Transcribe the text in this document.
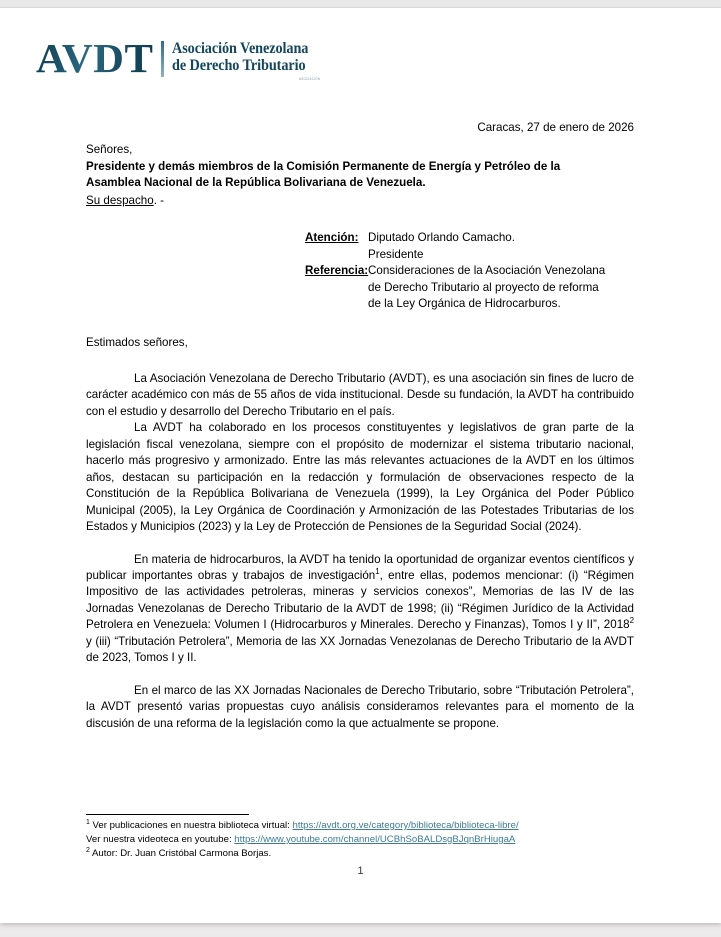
AVDT Asociación Venezolana
de Derecho Tributario
ASOCIACIÓN
Caracas, 27 de enero de 2026

Señores,

Presidente y demás miembros de la Comisión Permanente de Energía y Petróleo de la

Asamblea Nacional de la República Bolivariana de Venezuela.

Su despacho. -

Atención: Diputado Orlando Camacho.
Presidente
Referencia: Consideraciones de la Asociación Venezolana
de Derecho Tributario al proyecto de reforma
de la Ley Orgánica de Hidrocarburos.
Estimados señores,

La Asociación Venezolana de Derecho Tributario (AVDT), es una asociación sin fines de lucro de carácter académico con más de 55 años de vida institucional. Desde su fundación, la AVDT ha contribuido con el estudio y desarrollo del Derecho Tributario en el país.

La AVDT ha colaborado en los procesos constituyentes y legislativos de gran parte de la legislación fiscal venezolana, siempre con el propósito de modernizar el sistema tributario nacional, hacerlo más progresivo y armonizado. Entre las más relevantes actuaciones de la AVDT en los últimos años, destacan su participación en la redacción y formulación de observaciones respecto de la Constitución de la República Bolivariana de Venezuela (1999), la Ley Orgánica del Poder Público Municipal (2005), la Ley Orgánica de Coordinación y Armonización de las Potestades Tributarias de los Estados y Municipios (2023) y la Ley de Protección de Pensiones de la Seguridad Social (2024).

En materia de hidrocarburos, la AVDT ha tenido la oportunidad de organizar eventos científicos y publicar importantes obras y trabajos de investigación$^1$, entre ellas, podemos mencionar: (i) “Régimen Impositivo de las actividades petroleras, mineras y servicios conexos”, Memorias de las IV de las Jornadas Venezolanas de Derecho Tributario de la AVDT de 1998; (ii) “Régimen Jurídico de la Actividad Petrolera en Venezuela: Volumen I (Hidrocarburos y Minerales. Derecho y Finanzas), Tomos I y II”, 2018$^2$ y (iii) “Tributación Petrolera”, Memoria de las XX Jornadas Venezolanas de Derecho Tributario de la AVDT de 2023, Tomos I y II.

En el marco de las XX Jornadas Nacionales de Derecho Tributario, sobre “Tributación Petrolera”, la AVDT presentó varias propuestas cuyo análisis consideramos relevantes para el momento de la discusión de una reforma de la legislación como la que actualmente se propone.

$^1$ Ver publicaciones en nuestra biblioteca virtual: https://avdt.org.ve/category/biblioteca/biblioteca-libre/

Ver nuestra videoteca en youtube: https://www.youtube.com/channel/UCBhSoBALDsgBJqnBrHiugaA

$^2$ Autor: Dr. Juan Cristóbal Carmona Borjas.

1
